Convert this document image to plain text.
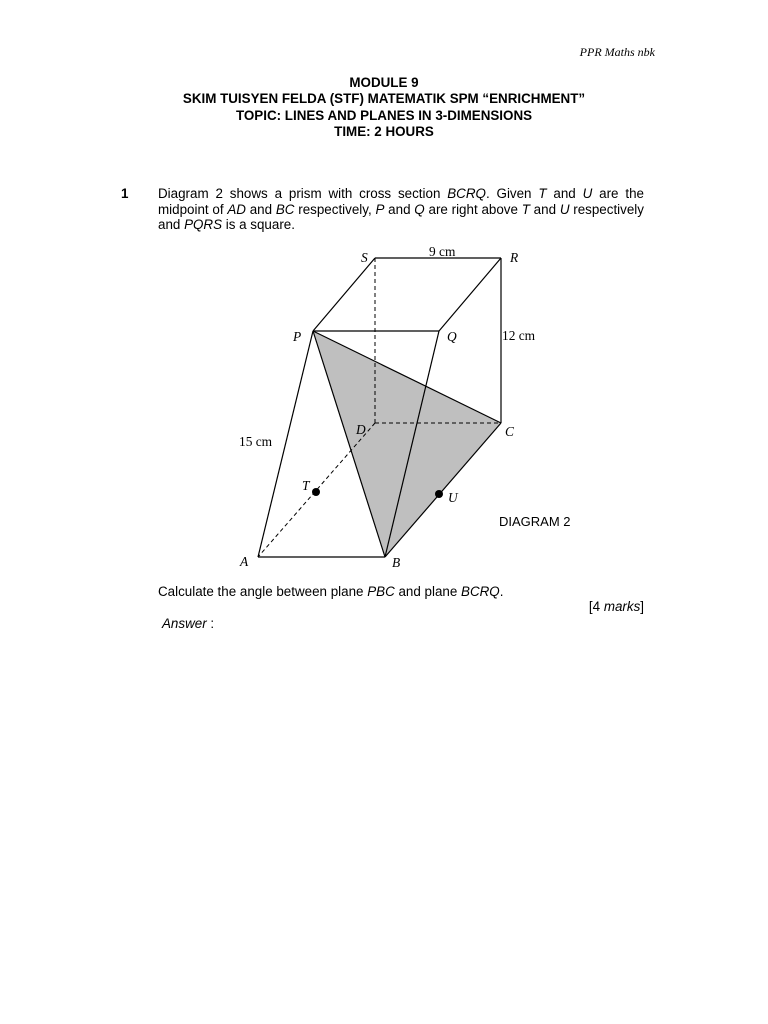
PPR Maths nbk
MODULE 9
SKIM TUISYEN FELDA (STF) MATEMATIK SPM “ENRICHMENT”
TOPIC: LINES AND PLANES IN 3-DIMENSIONS
TIME: 2 HOURS
1 Diagram 2 shows a prism with cross section BCRQ. Given T and U are the midpoint of AD and BC respectively, P and Q are right above T and U respectively and PQRS is a square.
S	R
P	Q
D	C
T
U
A	B
9 cm
12 cm
15 cm
DIAGRAM 2
Calculate the angle between plane PBC and plane BCRQ.
[4 marks]
Answer :
